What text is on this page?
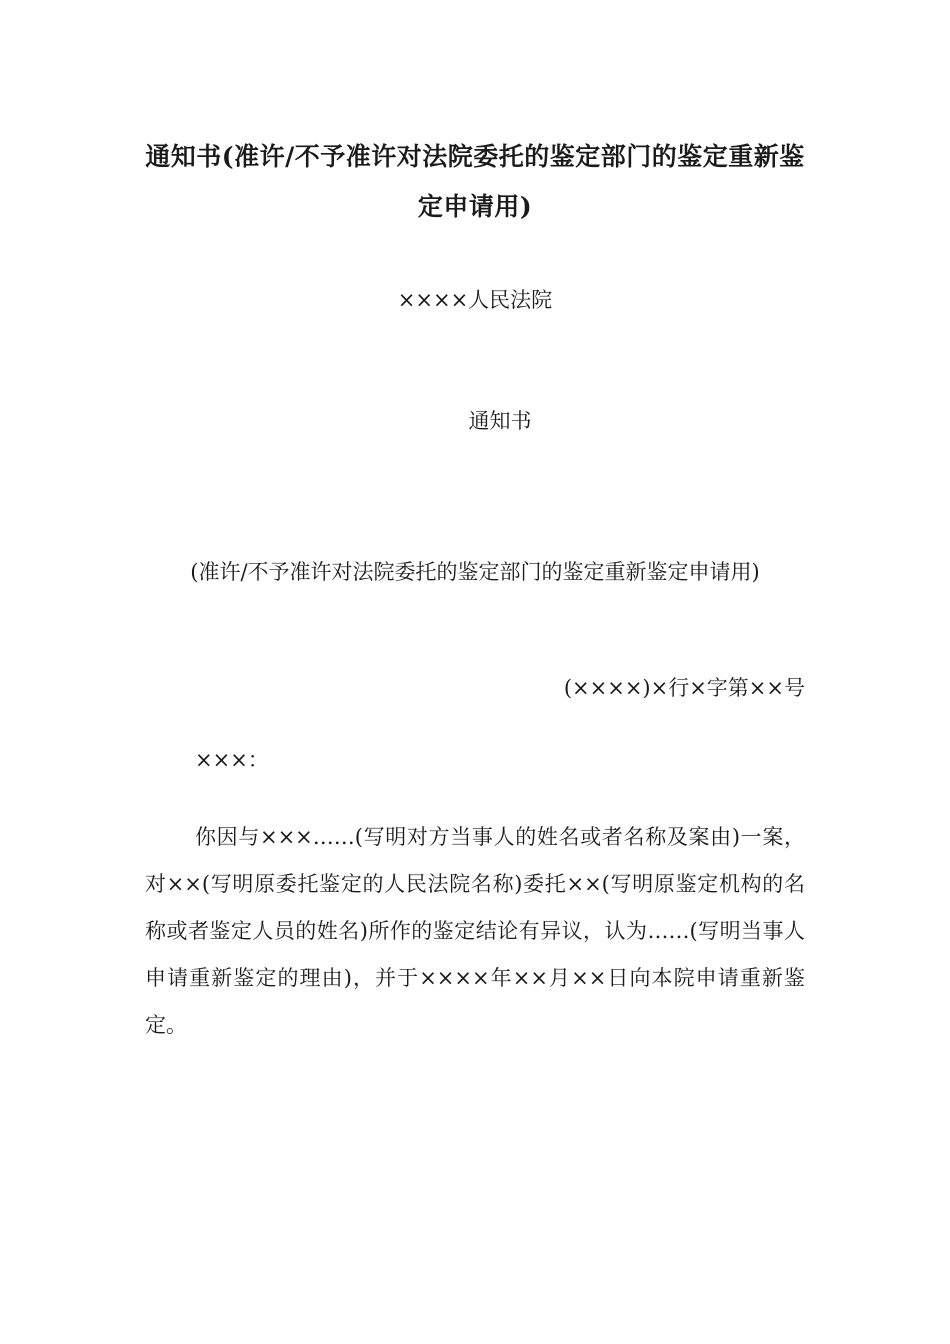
通知书(准许/不予准许对法院委托的鉴定部门的鉴定重新鉴定申请用)
××××人民法院
通知书
(准许/不予准许对法院委托的鉴定部门的鉴定重新鉴定申请用)
(××××)×行×字第××号
×××：

你因与×××……(写明对方当事人的姓名或者名称及案由)一案，对××(写明原委托鉴定的人民法院名称)委托××(写明原鉴定机构的名称或者鉴定人员的姓名)所作的鉴定结论有异议，认为……(写明当事人申请重新鉴定的理由)，并于××××年××月××日向本院申请重新鉴定。
